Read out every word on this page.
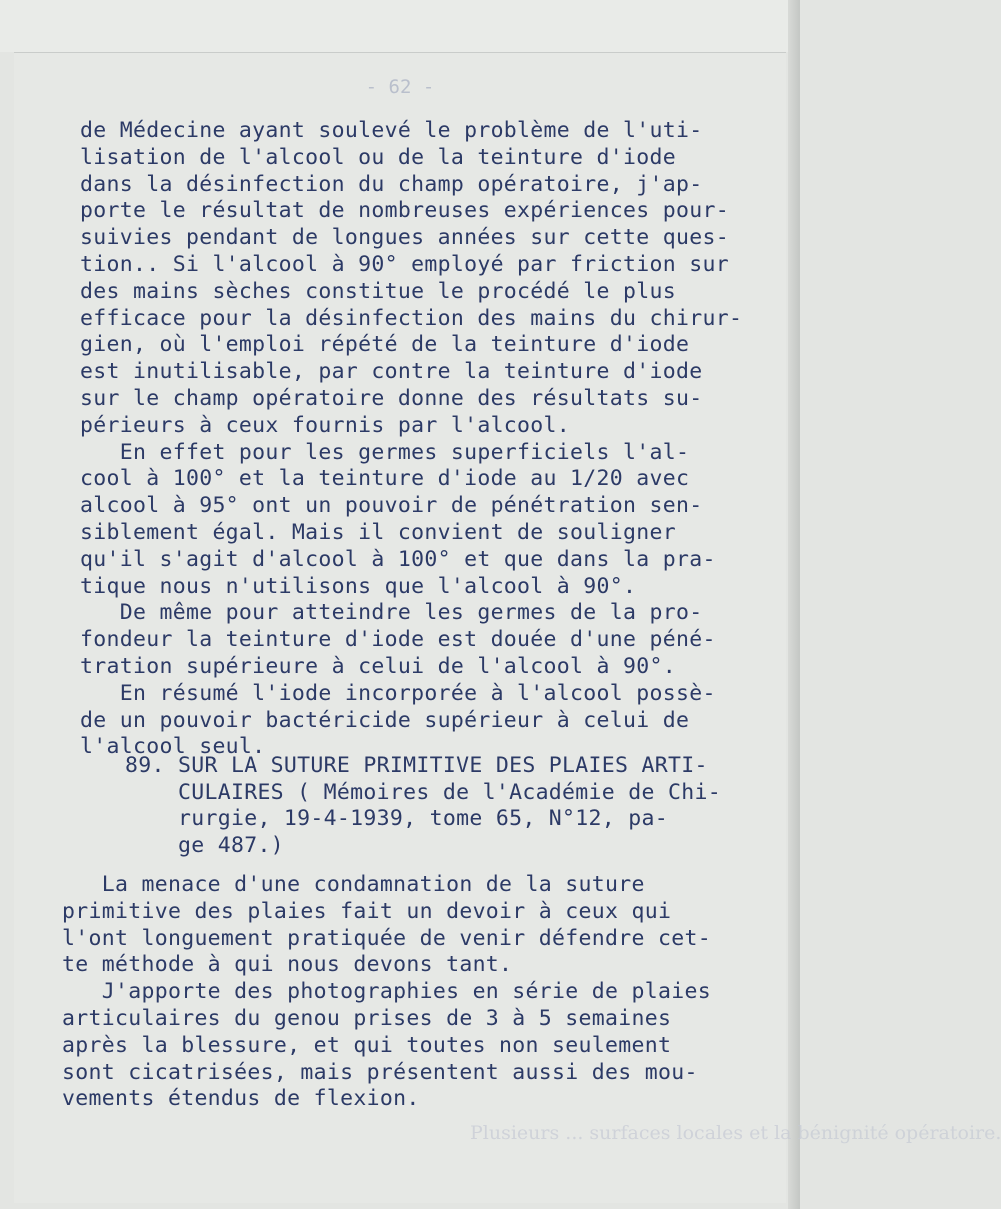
- 62 -
de Médecine ayant soulevé le problème de l'uti-
lisation de l'alcool ou de la teinture d'iode
dans la désinfection du champ opératoire, j'ap-
porte le résultat de nombreuses expériences pour-
suivies pendant de longues années sur cette ques-
tion.. Si l'alcool à 90° employé par friction sur
des mains sèches constitue le procédé le plus
efficace pour la désinfection des mains du chirur-
gien, où l'emploi répété de la teinture d'iode
est inutilisable, par contre la teinture d'iode
sur le champ opératoire donne des résultats su-
périeurs à ceux fournis par l'alcool.
En effet pour les germes superficiels l'al-
cool à 100° et la teinture d'iode au 1/20 avec
alcool à 95° ont un pouvoir de pénétration sen-
siblement égal. Mais il convient de souligner
qu'il s'agit d'alcool à 100° et que dans la pra-
tique nous n'utilisons que l'alcool à 90°.
De même pour atteindre les germes de la pro-
fondeur la teinture d'iode est douée d'une péné-
tration supérieure à celui de l'alcool à 90°.
En résumé l'iode incorporée à l'alcool possè-
de un pouvoir bactéricide supérieur à celui de
l'alcool seul.
89. SUR LA SUTURE PRIMITIVE DES PLAIES ARTI-
CULAIRES ( Mémoires de l'Académie de Chi-
rurgie, 19-4-1939, tome 65, N°12, pa-
ge 487.)
La menace d'une condamnation de la suture
primitive des plaies fait un devoir à ceux qui
l'ont longuement pratiquée de venir défendre cet-
te méthode à qui nous devons tant.
J'apporte des photographies en série de plaies
articulaires du genou prises de 3 à 5 semaines
après la blessure, et qui toutes non seulement
sont cicatrisées, mais présentent aussi des mou-
vements étendus de flexion.
Plusieurs ... surfaces locales et la bénignité opératoire.
